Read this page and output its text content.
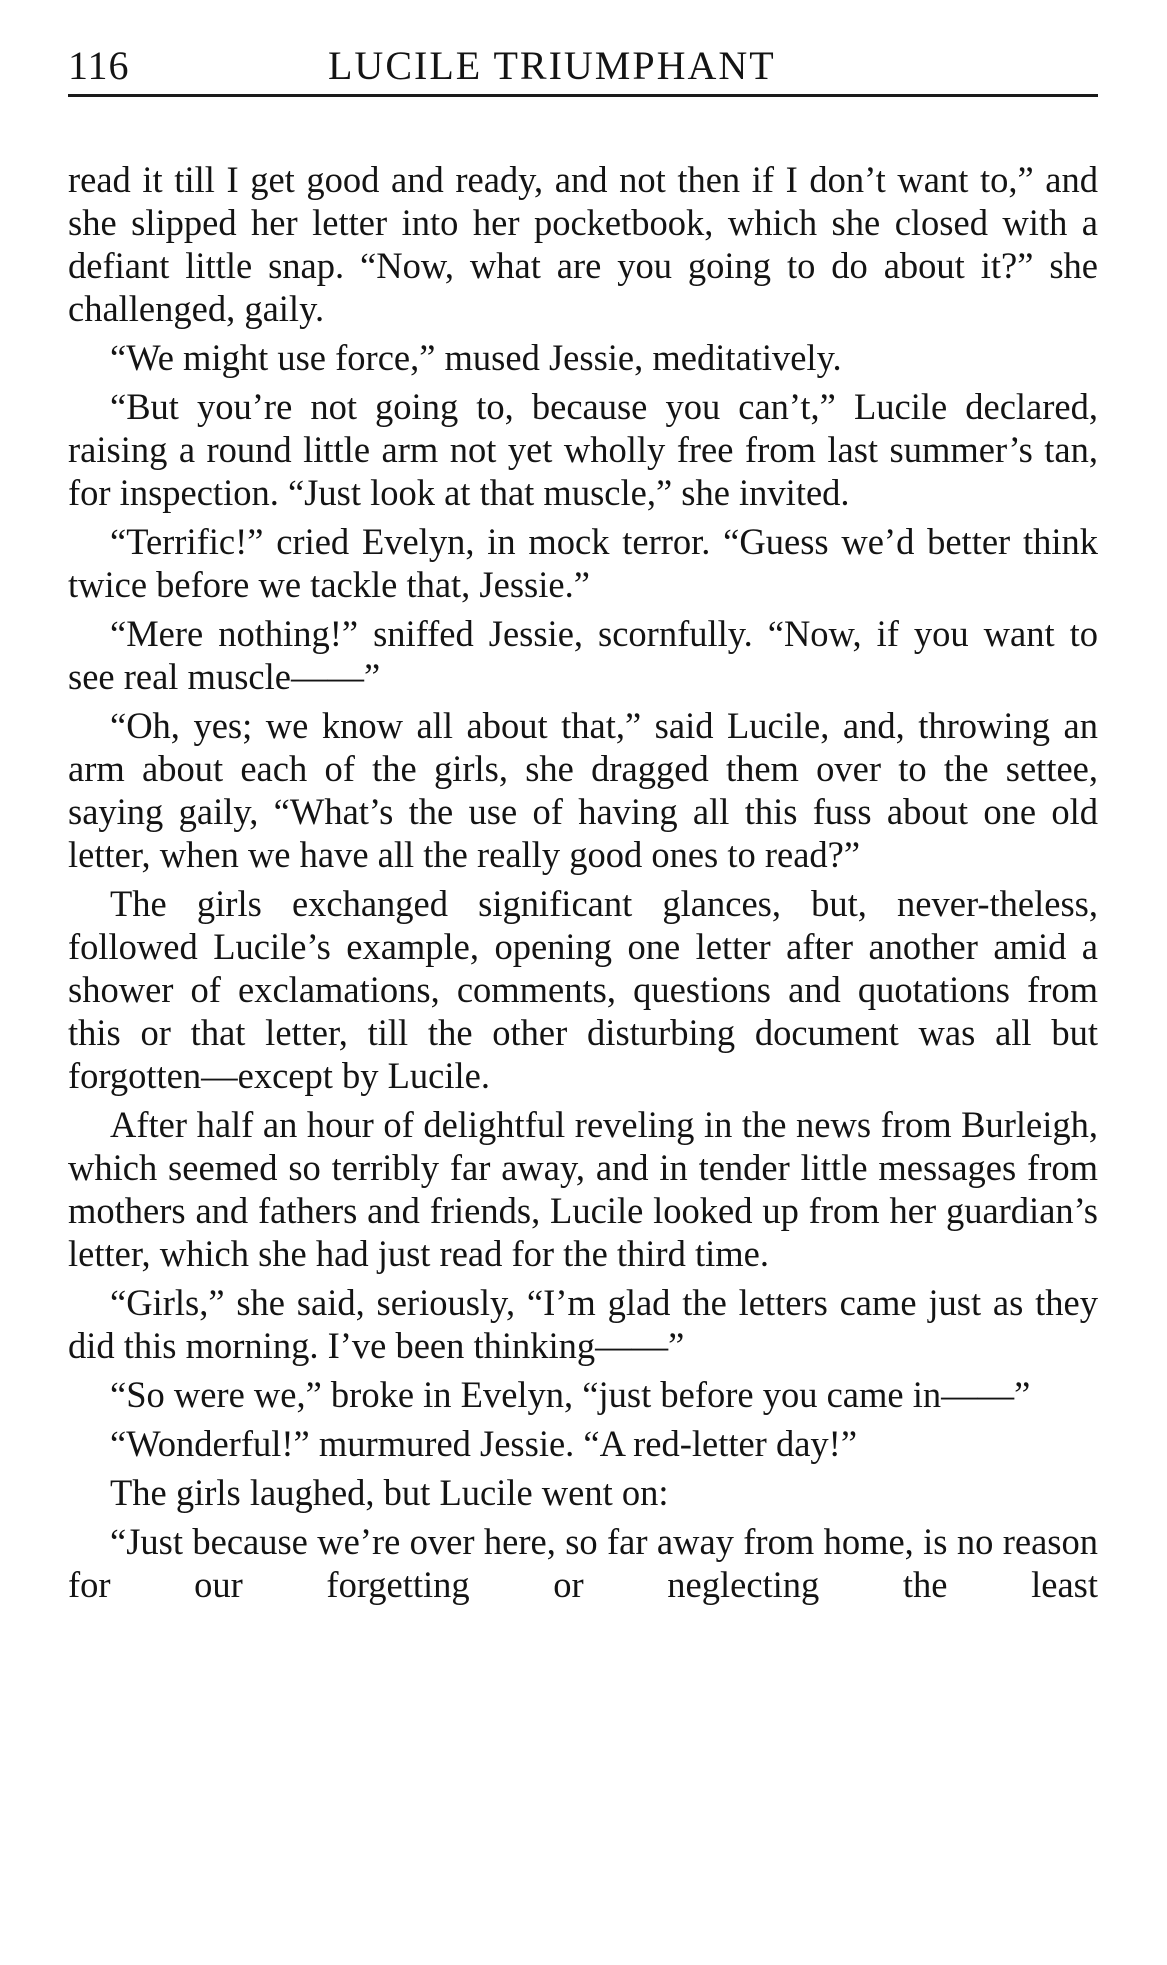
116	LUCILE TRIUMPHANT

read it till I get good and ready, and not then if I don’t want to,” and she slipped her letter into her pocketbook, which she closed with a defiant little snap. “Now, what are you going to do about it?” she challenged, gaily.

“We might use force,” mused Jessie, meditatively.

“But you’re not going to, because you can’t,” Lucile declared, raising a round little arm not yet wholly free from last summer’s tan, for inspection. “Just look at that muscle,” she invited.

“Terrific!” cried Evelyn, in mock terror. “Guess we’d better think twice before we tackle that, Jessie.”

“Mere nothing!” sniffed Jessie, scornfully. “Now, if you want to see real muscle——”

“Oh, yes; we know all about that,” said Lucile, and, throwing an arm about each of the girls, she dragged them over to the settee, saying gaily, “What’s the use of having all this fuss about one old letter, when we have all the really good ones to read?”

The girls exchanged significant glances, but, never-theless, followed Lucile’s example, opening one letter after another amid a shower of exclamations, comments, questions and quotations from this or that letter, till the other disturbing document was all but forgotten—except by Lucile.

After half an hour of delightful reveling in the news from Burleigh, which seemed so terribly far away, and in tender little messages from mothers and fathers and friends, Lucile looked up from her guardian’s letter, which she had just read for the third time.

“Girls,” she said, seriously, “I’m glad the letters came just as they did this morning. I’ve been thinking——”

“So were we,” broke in Evelyn, “just before you came in——”

“Wonderful!” murmured Jessie. “A red-letter day!”

The girls laughed, but Lucile went on:

“Just because we’re over here, so far away from home, is no reason for our forgetting or neglecting the least
